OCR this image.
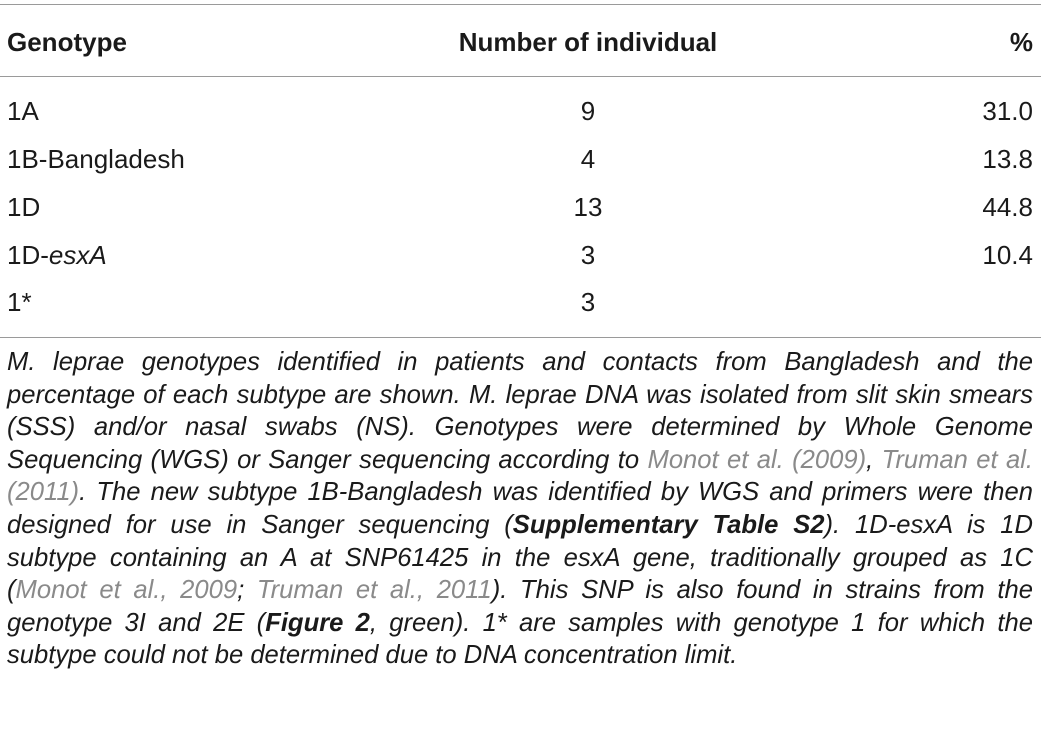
Genotype	Number of individual	%
1A	9	31.0
1B-Bangladesh	4	13.8
1D	13	44.8
1D-esxA	3	10.4
1*	3
M. leprae genotypes identified in patients and contacts from Bangladesh and the percentage of each subtype are shown. M. leprae DNA was isolated from slit skin smears (SSS) and/or nasal swabs (NS). Genotypes were determined by Whole Genome Sequencing (WGS) or Sanger sequencing according to Monot et al. (2009), Truman et al. (2011). The new subtype 1B-Bangladesh was identified by WGS and primers were then designed for use in Sanger sequencing (Supplementary Table S2). 1D-esxA is 1D subtype containing an A at SNP61425 in the esxA gene, traditionally grouped as 1C (Monot et al., 2009; Truman et al., 2011). This SNP is also found in strains from the genotype 3I and 2E (Figure 2, green). 1* are samples with genotype 1 for which the subtype could not be determined due to DNA concentration limit.
